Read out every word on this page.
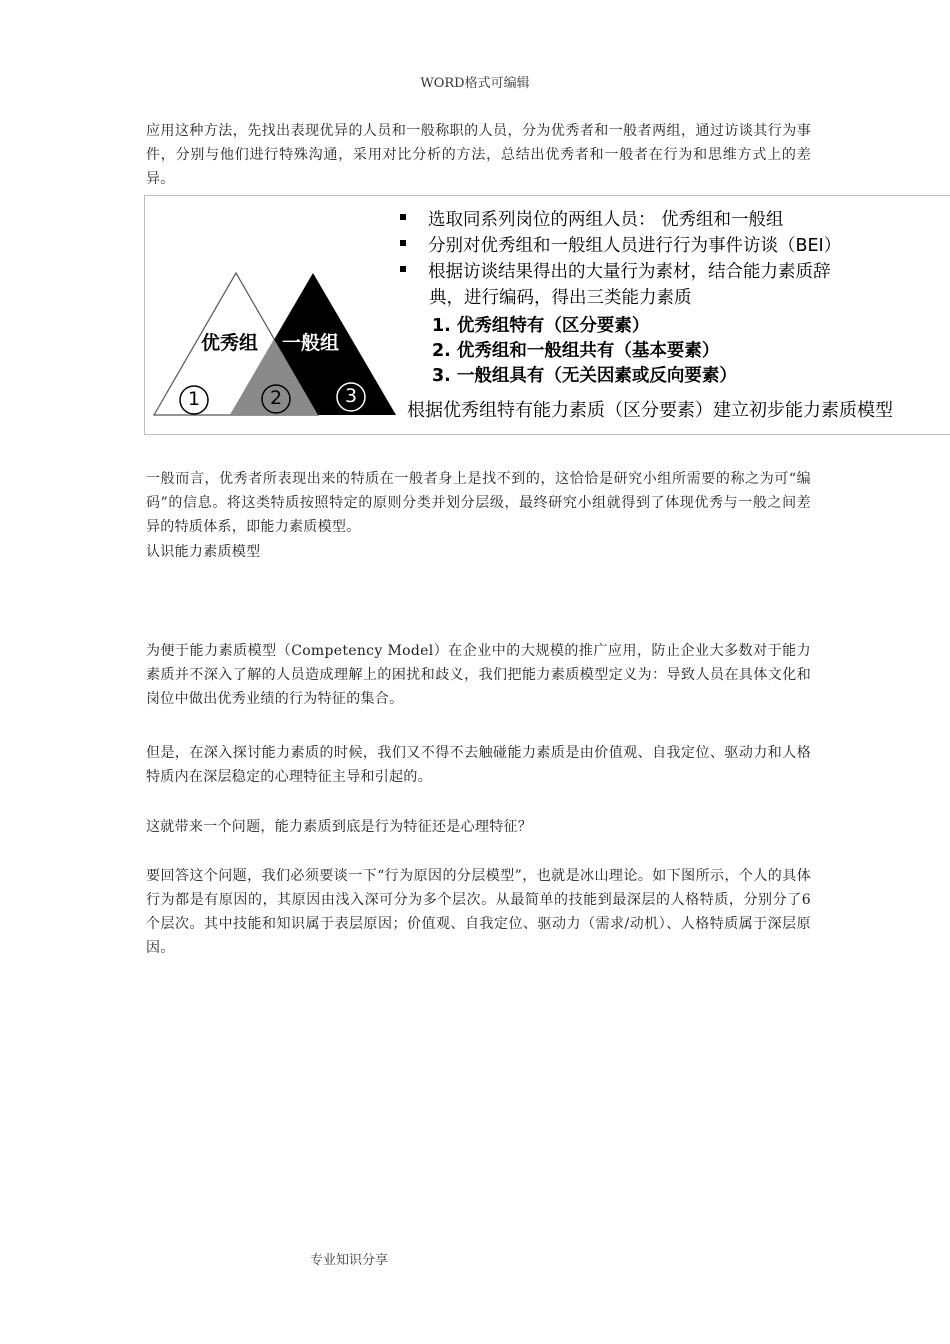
WORD格式可编辑

应用这种方法，先找出表现优异的人员和一般称职的人员，分为优秀者和一般者两组，通过访谈其行为事件，分别与他们进行特殊沟通，采用对比分析的方法，总结出优秀者和一般者在行为和思维方式上的差异。

优秀组 一般组
1	2	3
选取同系列岗位的两组人员： 优秀组和一般组
分别对优秀组和一般组人员进行行为事件访谈（BEI）
根据访谈结果得出的大量行为素材，结合能力素质辞
典，进行编码，得出三类能力素质
1. 优秀组特有（区分要素）
2. 优秀组和一般组共有（基本要素）
3. 一般组具有（无关因素或反向要素）
根据优秀组特有能力素质（区分要素）建立初步能力素质模型

一般而言，优秀者所表现出来的特质在一般者身上是找不到的，这恰恰是研究小组所需要的称之为可“编码”的信息。将这类特质按照特定的原则分类并划分层级，最终研究小组就得到了体现优秀与一般之间差异的特质体系，即能力素质模型。

认识能力素质模型

为便于能力素质模型（Competency Model）在企业中的大规模的推广应用，防止企业大多数对于能力素质并不深入了解的人员造成理解上的困扰和歧义，我们把能力素质模型定义为：导致人员在具体文化和岗位中做出优秀业绩的行为特征的集合。

但是，在深入探讨能力素质的时候，我们又不得不去触碰能力素质是由价值观、自我定位、驱动力和人格特质内在深层稳定的心理特征主导和引起的。

这就带来一个问题，能力素质到底是行为特征还是心理特征？

要回答这个问题，我们必须要谈一下“行为原因的分层模型”，也就是冰山理论。如下图所示，个人的具体行为都是有原因的，其原因由浅入深可分为多个层次。从最简单的技能到最深层的人格特质，分别分了6个层次。其中技能和知识属于表层原因；价值观、自我定位、驱动力（需求/动机）、人格特质属于深层原因。

专业知识分享
